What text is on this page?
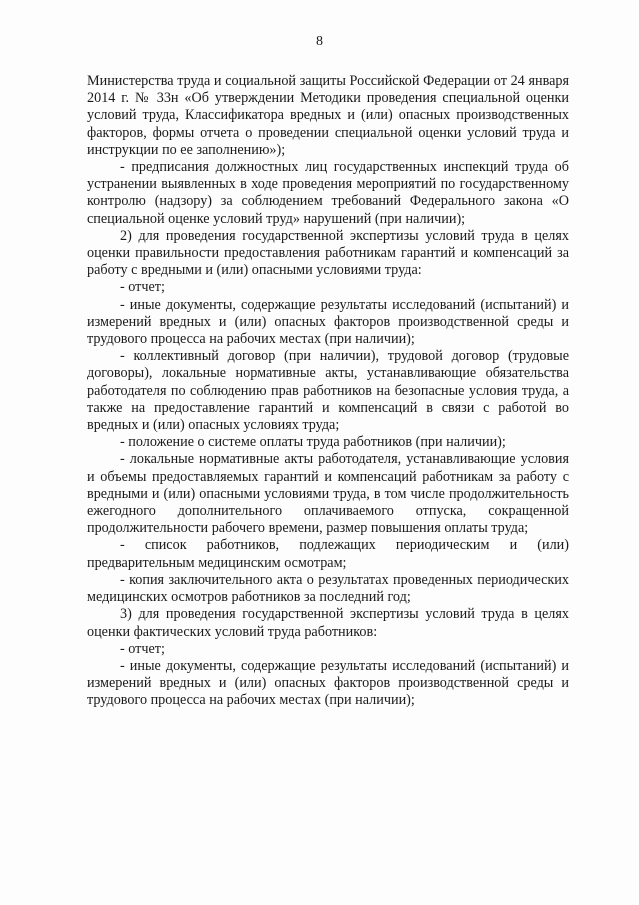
8

Министерства труда и социальной защиты Российской Федерации от 24 января 2014 г. № 33н «Об утверждении Методики проведения специальной оценки условий труда, Классификатора вредных и (или) опасных производственных факторов, формы отчета о проведении специальной оценки условий труда и инструкции по ее заполнению»);

- предписания должностных лиц государственных инспекций труда об устранении выявленных в ходе проведения мероприятий по государственному контролю (надзору) за соблюдением требований Федерального закона «О специальной оценке условий труд» нарушений (при наличии);

2) для проведения государственной экспертизы условий труда в целях оценки правильности предоставления работникам гарантий и компенсаций за работу с вредными и (или) опасными условиями труда:

- отчет;

- иные документы, содержащие результаты исследований (испытаний) и измерений вредных и (или) опасных факторов производственной среды и трудового процесса на рабочих местах (при наличии);

- коллективный договор (при наличии), трудовой договор (трудовые договоры), локальные нормативные акты, устанавливающие обязательства работодателя по соблюдению прав работников на безопасные условия труда, а также на предоставление гарантий и компенсаций в связи с работой во вредных и (или) опасных условиях труда;

- положение о системе оплаты труда работников (при наличии);

- локальные нормативные акты работодателя, устанавливающие условия и объемы предоставляемых гарантий и компенсаций работникам за работу с вредными и (или) опасными условиями труда, в том числе продолжительность ежегодного дополнительного оплачиваемого отпуска, сокращенной продолжительности рабочего времени, размер повышения оплаты труда;

- список работников, подлежащих периодическим и (или) предварительным медицинским осмотрам;

- копия заключительного акта о результатах проведенных периодических медицинских осмотров работников за последний год;

3) для проведения государственной экспертизы условий труда в целях оценки фактических условий труда работников:

- отчет;

- иные документы, содержащие результаты исследований (испытаний) и измерений вредных и (или) опасных факторов производственной среды и трудового процесса на рабочих местах (при наличии);
